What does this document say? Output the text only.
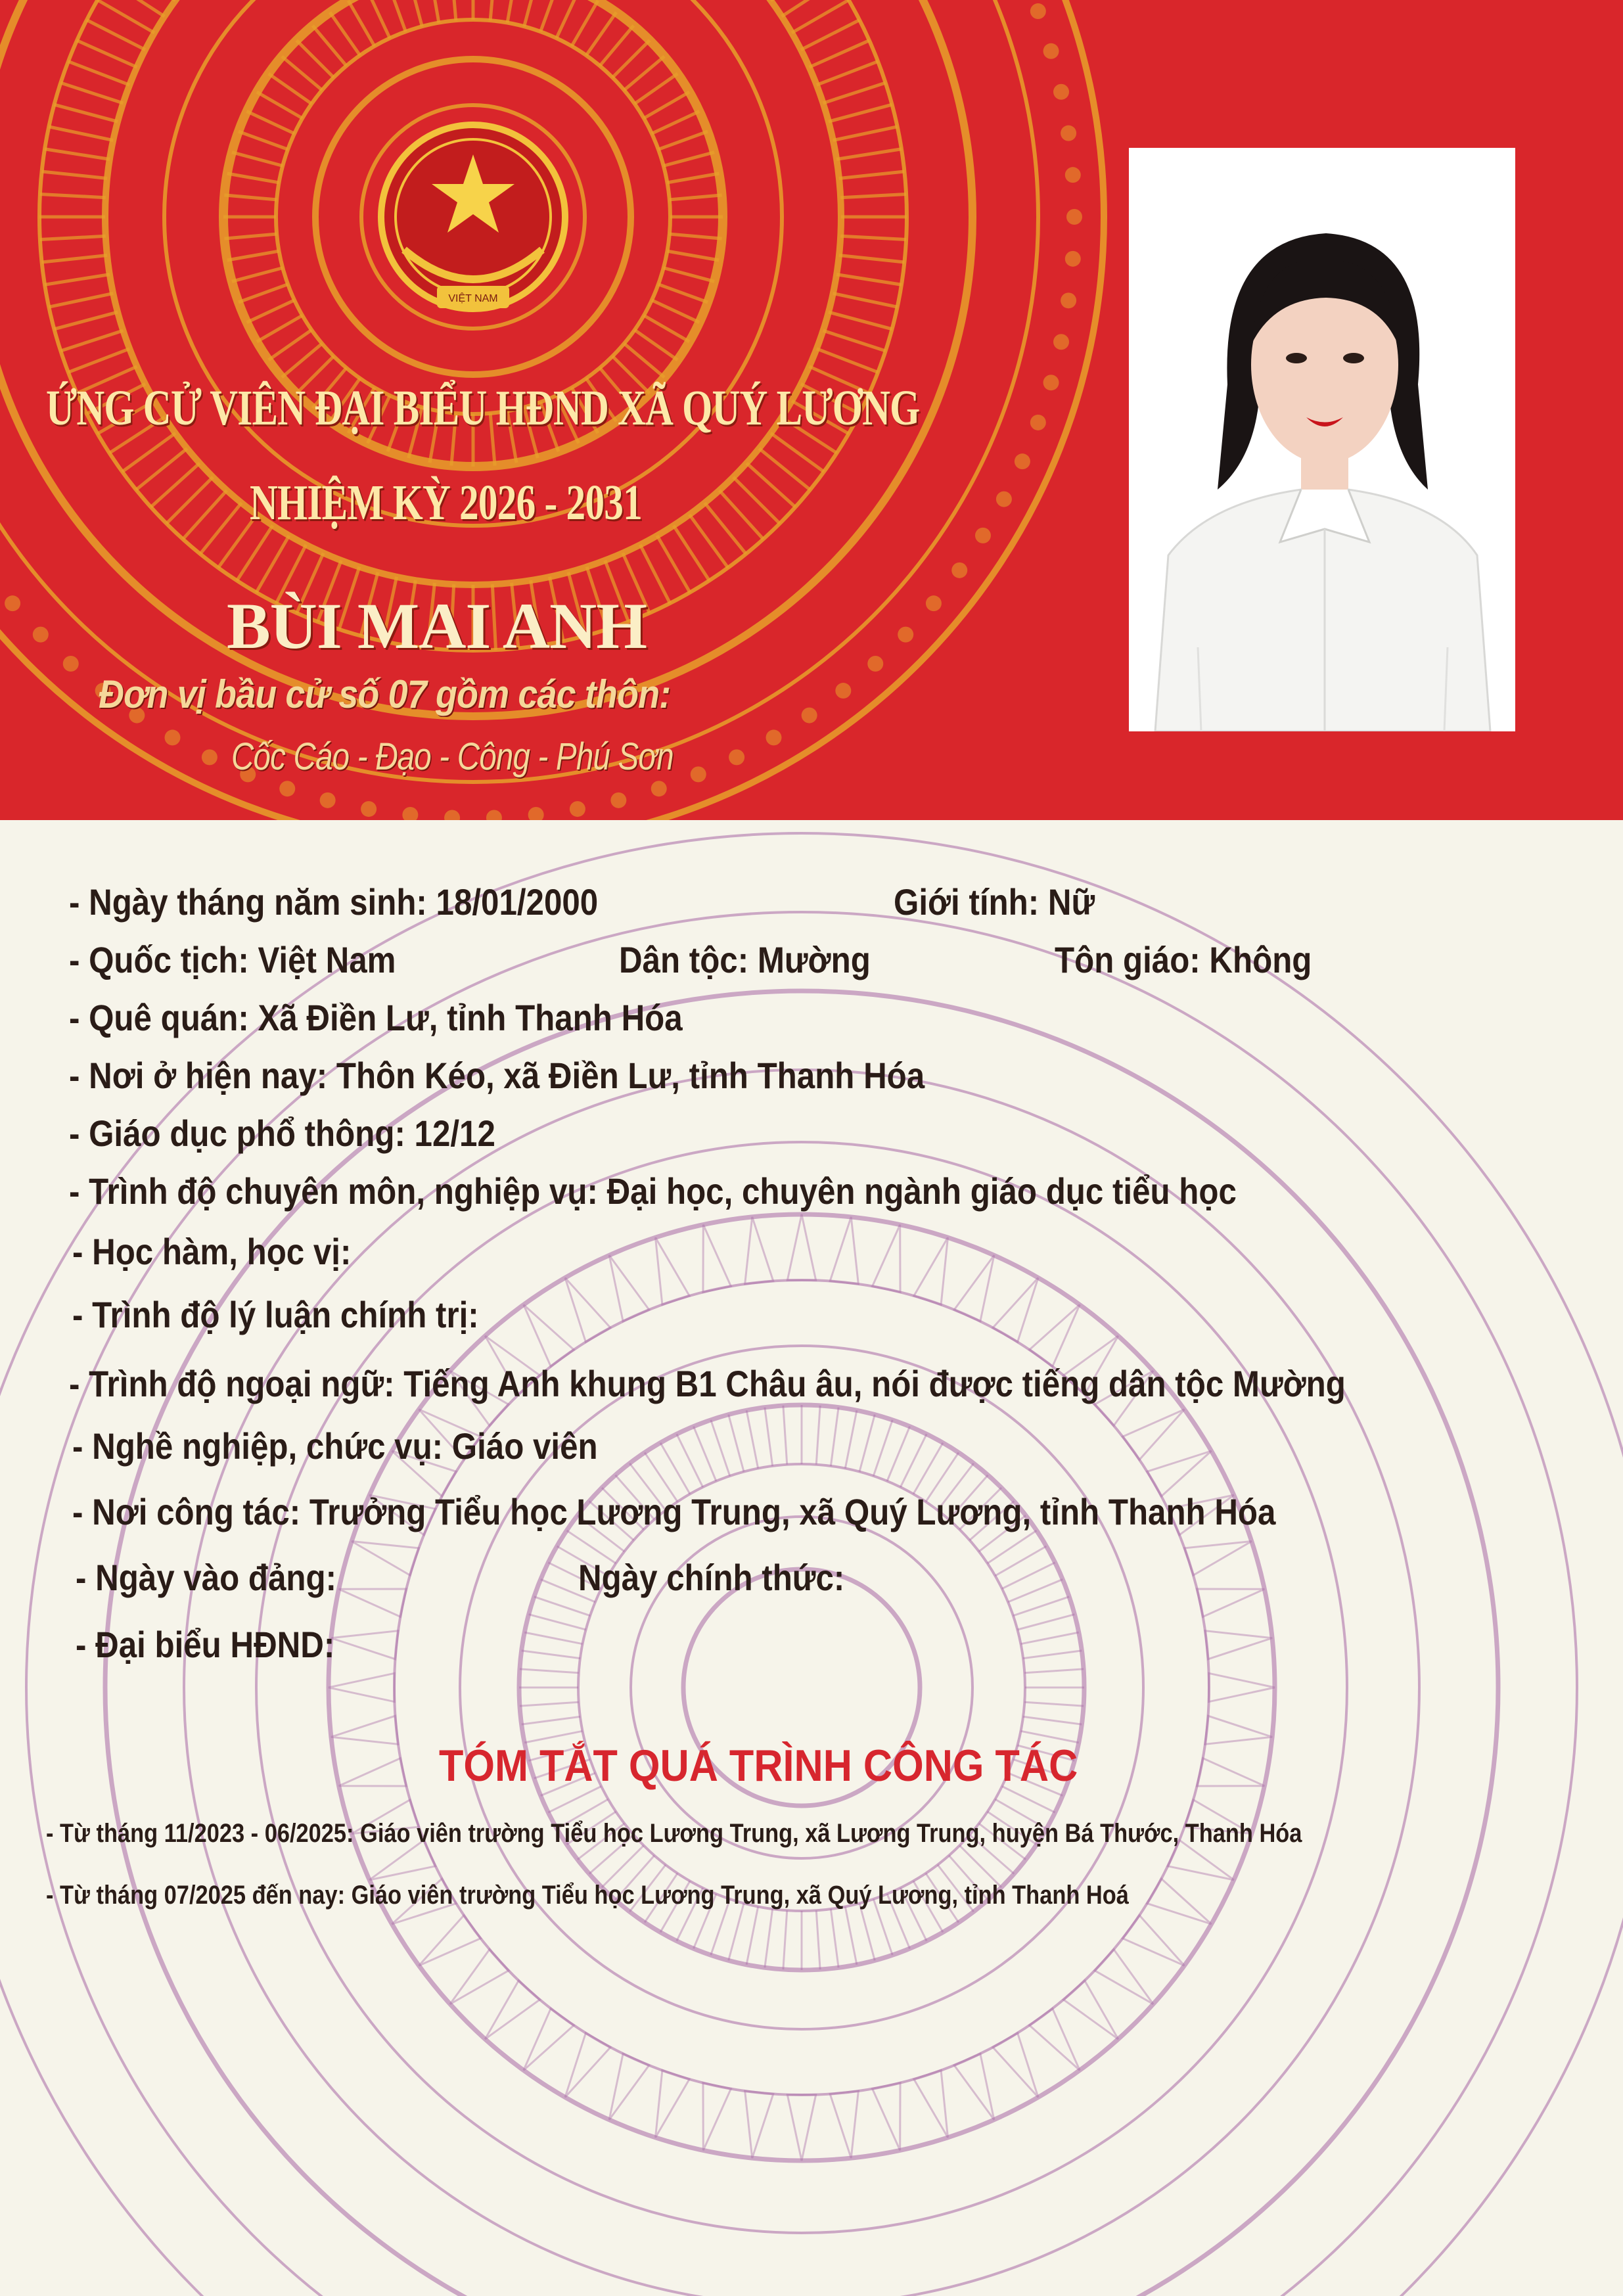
VIỆT NAM
ỨNG CỬ VIÊN ĐẠI BIỂU HĐND XÃ QUÝ LƯƠNG
NHIỆM KỲ 2026 - 2031
BÙI MAI ANH
Đơn vị bầu cử số 07 gồm các thôn:
Cốc Cáo - Đạo - Công - Phú Sơn
- Ngày tháng năm sinh: 18/01/2000	Giới tính: Nữ
- Quốc tịch: Việt Nam	Dân tộc: Mường	Tôn giáo: Không
- Quê quán: Xã Điền Lư, tỉnh Thanh Hóa
- Nơi ở hiện nay: Thôn Kéo, xã Điền Lư, tỉnh Thanh Hóa
- Giáo dục phổ thông: 12/12
- Trình độ chuyên môn, nghiệp vụ: Đại học, chuyên ngành giáo dục tiểu học
- Học hàm, học vị:
- Trình độ lý luận chính trị:
- Trình độ ngoại ngữ: Tiếng Anh khung B1 Châu âu, nói được tiếng dân tộc Mường
- Nghề nghiệp, chức vụ: Giáo viên
- Nơi công tác: Trưởng Tiểu học Lương Trung, xã Quý Lương, tỉnh Thanh Hóa
- Ngày vào đảng:	Ngày chính thức:
- Đại biểu HĐND:
TÓM TẮT QUÁ TRÌNH CÔNG TÁC
- Từ tháng 11/2023 - 06/2025: Giáo viên trường Tiểu học Lương Trung, xã Lương Trung, huyện Bá Thước, Thanh Hóa
- Từ tháng 07/2025 đến nay: Giáo viên trường Tiểu học Lương Trung, xã Quý Lương, tỉnh Thanh Hoá
